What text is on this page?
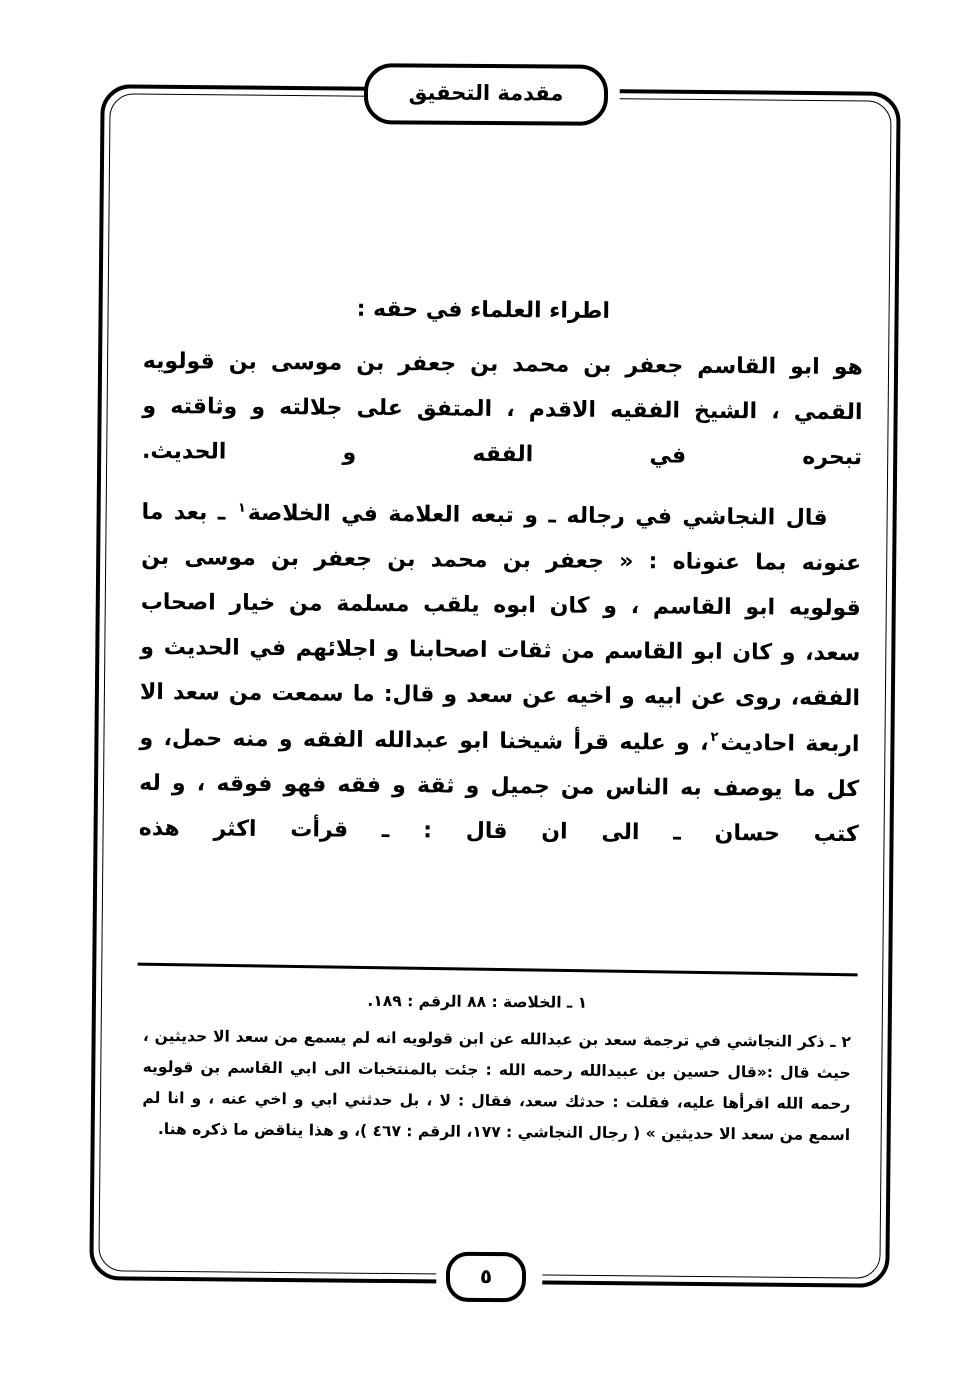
مقدمة التحقيق

اطراء العلماء في حقه :

هو ابو القاسم جعفر بن محمد بن جعفر بن موسى بن قولويه القمي ، الشيخ الفقيه الاقدم ، المتفق على جلالته و وثاقته و تبحره في الفقه و الحديث.

قال النجاشي في رجاله ـ و تبعه العلامة في الخلاصة$^١$ ـ بعد ما عنونه بما عنوناه : « جعفر بن محمد بن جعفر بن موسى بن قولويه ابو القاسم ، و كان ابوه يلقب مسلمة من خيار اصحاب سعد، و كان ابو القاسم من ثقات اصحابنا و اجلائهم في الحديث و الفقه، روى عن ابيه و اخيه عن سعد و قال: ما سمعت من سعد الا اربعة احاديث$^٢$، و عليه قرأ شيخنا ابو عبدالله الفقه و منه حمل، و كل ما يوصف به الناس من جميل و ثقة و فقه فهو فوقه ، و له كتب حسان ـ الى ان قال : ـ قرأت اكثر هذه

١ ـ الخلاصة : ٨٨ الرقم : ١٨٩.

٢ ـ ذكر النجاشي في ترجمة سعد بن عبدالله عن ابن قولويه انه لم يسمع من سعد الا حديثين ، حيث قال :«قال حسين بن عبيدالله رحمه الله : جئت بالمنتخبات الى ابي القاسم بن قولويه رحمه الله اقرأها عليه، فقلت : حدثك سعد، فقال : لا ، بل حدثني ابي و اخي عنه ، و انا لم اسمع من سعد الا حديثين » ( رجال النجاشي : ١٧٧، الرقم : ٤٦٧ )، و هذا يناقض ما ذكره هنا.

٥
